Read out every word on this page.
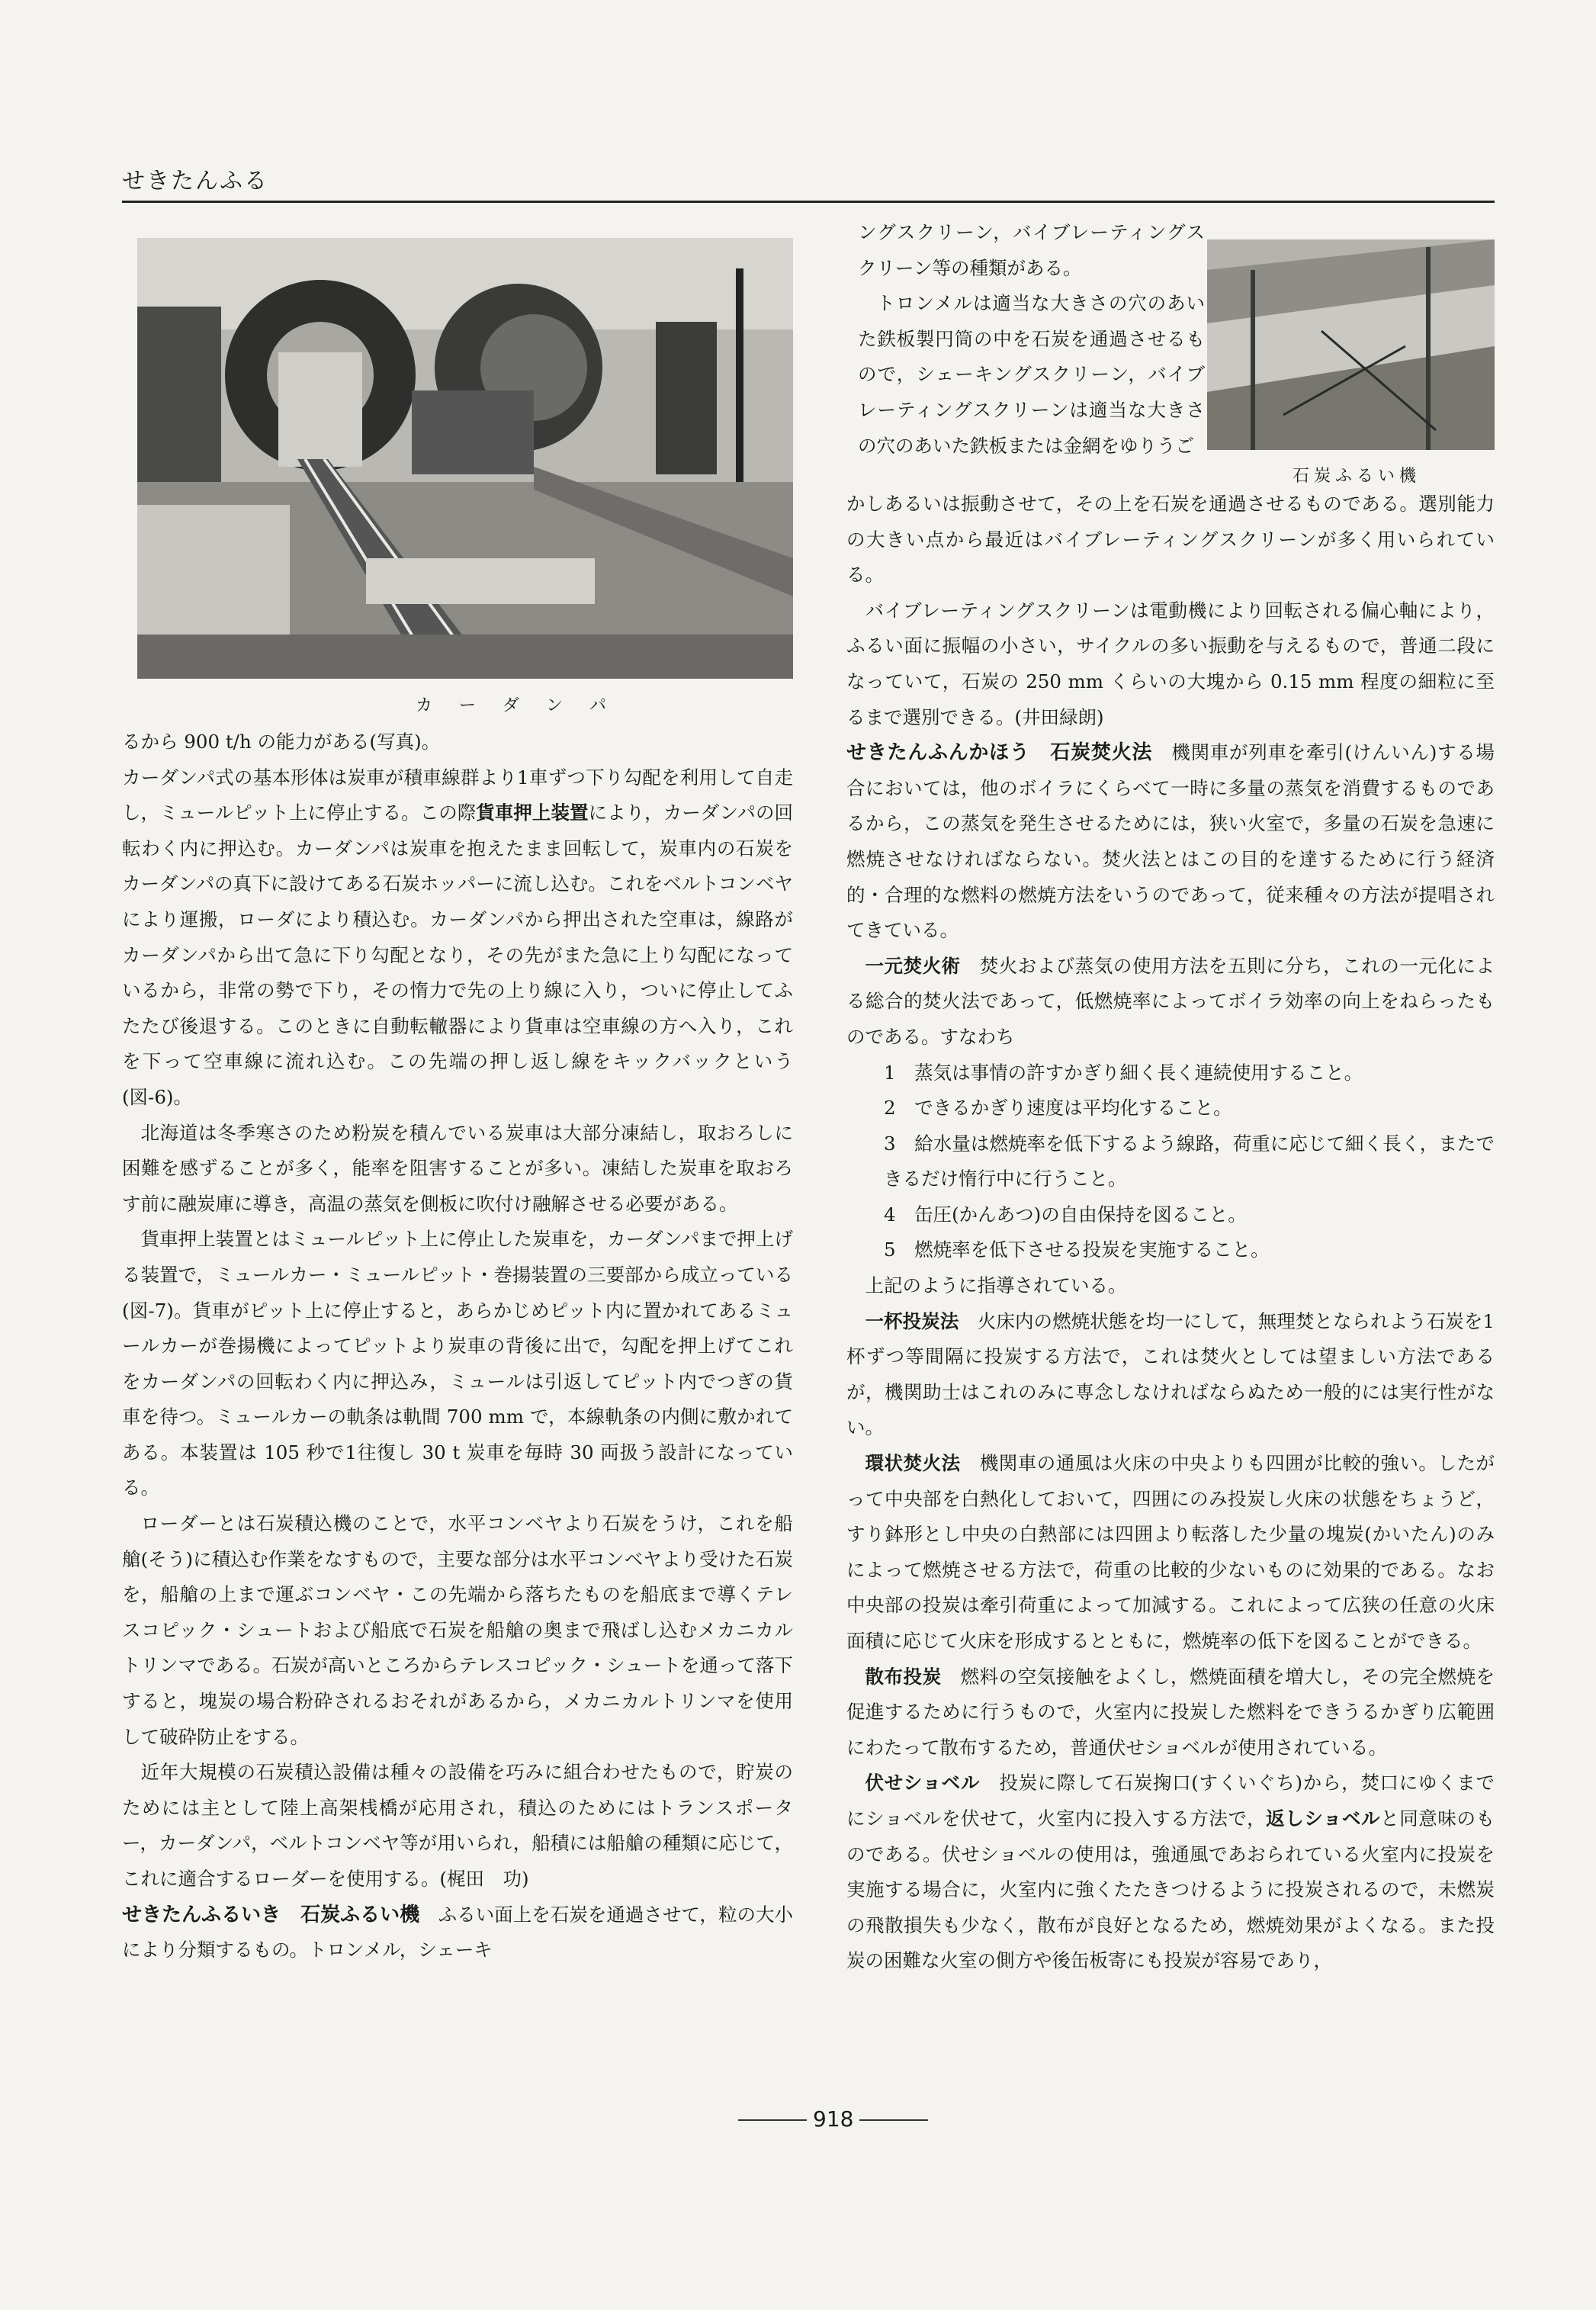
せきたんふる
カ ー ダ ン パ

るから 900 t/h の能力がある(写真)。

カーダンパ式の基本形体は炭車が積車線群より1車ずつ下り勾配を利用して自走し，ミュールピット上に停止する。この際貨車押上装置により，カーダンパの回転わく内に押込む。カーダンパは炭車を抱えたまま回転して，炭車内の石炭をカーダンパの真下に設けてある石炭ホッパーに流し込む。これをベルトコンベヤにより運搬，ローダにより積込む。カーダンパから押出された空車は，線路がカーダンパから出て急に下り勾配となり，その先がまた急に上り勾配になっているから，非常の勢で下り，その惰力で先の上り線に入り，ついに停止してふたたび後退する。このときに自動転轍器により貨車は空車線の方へ入り，これを下って空車線に流れ込む。この先端の押し返し線をキックバックという(図-6)。

北海道は冬季寒さのため粉炭を積んでいる炭車は大部分凍結し，取おろしに困難を感ずることが多く，能率を阻害することが多い。凍結した炭車を取おろす前に融炭庫に導き，高温の蒸気を側板に吹付け融解させる必要がある。

貨車押上装置とはミュールピット上に停止した炭車を，カーダンパまで押上げる装置で，ミュールカー・ミュールピット・巻揚装置の三要部から成立っている(図-7)。貨車がピット上に停止すると，あらかじめピット内に置かれてあるミュールカーが巻揚機によってピットより炭車の背後に出で，勾配を押上げてこれをカーダンパの回転わく内に押込み，ミュールは引返してピット内でつぎの貨車を待つ。ミュールカーの軌条は軌間 700 mm で，本線軌条の内側に敷かれてある。本装置は 105 秒で1往復し 30 t 炭車を毎時 30 両扱う設計になっている。

ローダーとは石炭積込機のことで，水平コンベヤより石炭をうけ，これを船艙(そう)に積込む作業をなすもので，主要な部分は水平コンベヤより受けた石炭を，船艙の上まで運ぶコンベヤ・この先端から落ちたものを船底まで導くテレスコピック・シュートおよび船底で石炭を船艙の奥まで飛ばし込むメカニカルトリンマである。石炭が高いところからテレスコピック・シュートを通って落下すると，塊炭の場合粉砕されるおそれがあるから，メカニカルトリンマを使用して破砕防止をする。

近年大規模の石炭積込設備は種々の設備を巧みに組合わせたもので，貯炭のためには主として陸上高架桟橋が応用され，積込のためにはトランスポーター，カーダンパ，ベルトコンベヤ等が用いられ，船積には船艙の種類に応じて，これに適合するローダーを使用する。(梶田　功)

せきたんふるいき　石炭ふるい機　 ふるい面上を石炭を通過させて，粒の大小により分類するもの。トロンメル，シェーキ

ングスクリーン，バイブレーティングスクリーン等の種類がある。

トロンメルは適当な大きさの穴のあいた鉄板製円筒の中を石炭を通過させるもので，シェーキングスクリーン，バイブレーティングスクリーンは適当な大きさの穴のあいた鉄板または金網をゆりうご

石炭ふるい機

かしあるいは振動させて，その上を石炭を通過させるものである。選別能力の大きい点から最近はバイブレーティングスクリーンが多く用いられている。

バイブレーティングスクリーンは電動機により回転される偏心軸により，ふるい面に振幅の小さい，サイクルの多い振動を与えるもので，普通二段になっていて，石炭の 250 mm くらいの大塊から 0.15 mm 程度の細粒に至るまで選別できる。(井田緑朗)

せきたんふんかほう　石炭焚火法　 機関車が列車を牽引(けんいん)する場合においては，他のボイラにくらべて一時に多量の蒸気を消費するものであるから，この蒸気を発生させるためには，狭い火室で，多量の石炭を急速に燃焼させなければならない。焚火法とはこの目的を達するために行う経済的・合理的な燃料の燃焼方法をいうのであって，従来種々の方法が提唱されてきている。

一元焚火術　 焚火および蒸気の使用方法を五則に分ち，これの一元化による総合的焚火法であって，低燃焼率によってボイラ効率の向上をねらったものである。すなわち

1　蒸気は事情の許すかぎり細く長く連続使用すること。

2　できるかぎり速度は平均化すること。

3　給水量は燃焼率を低下するよう線路，荷重に応じて細く長く，またできるだけ惰行中に行うこと。

4　缶圧(かんあつ)の自由保持を図ること。

5　燃焼率を低下させる投炭を実施すること。

上記のように指導されている。

一杯投炭法　 火床内の燃焼状態を均一にして，無理焚となられよう石炭を1杯ずつ等間隔に投炭する方法で，これは焚火としては望ましい方法であるが，機関助士はこれのみに専念しなければならぬため一般的には実行性がない。

環状焚火法　 機関車の通風は火床の中央よりも四囲が比較的強い。したがって中央部を白熱化しておいて，四囲にのみ投炭し火床の状態をちょうど，すり鉢形とし中央の白熱部には四囲より転落した少量の塊炭(かいたん)のみによって燃焼させる方法で，荷重の比較的少ないものに効果的である。なお中央部の投炭は牽引荷重によって加減する。これによって広狭の任意の火床面積に応じて火床を形成するとともに，燃焼率の低下を図ることができる。

散布投炭　 燃料の空気接触をよくし，燃焼面積を増大し，その完全燃焼を促進するために行うもので，火室内に投炭した燃料をできうるかぎり広範囲にわたって散布するため，普通伏せショベルが使用されている。

伏せショベル　 投炭に際して石炭掬口(すくいぐち)から，焚口にゆくまでにショベルを伏せて，火室内に投入する方法で，返しショベルと同意味のものである。伏せショベルの使用は，強通風であおられている火室内に投炭を実施する場合に，火室内に強くたたきつけるように投炭されるので，未燃炭の飛散損失も少なく，散布が良好となるため，燃焼効果がよくなる。また投炭の困難な火室の側方や後缶板寄にも投炭が容易であり，

918
